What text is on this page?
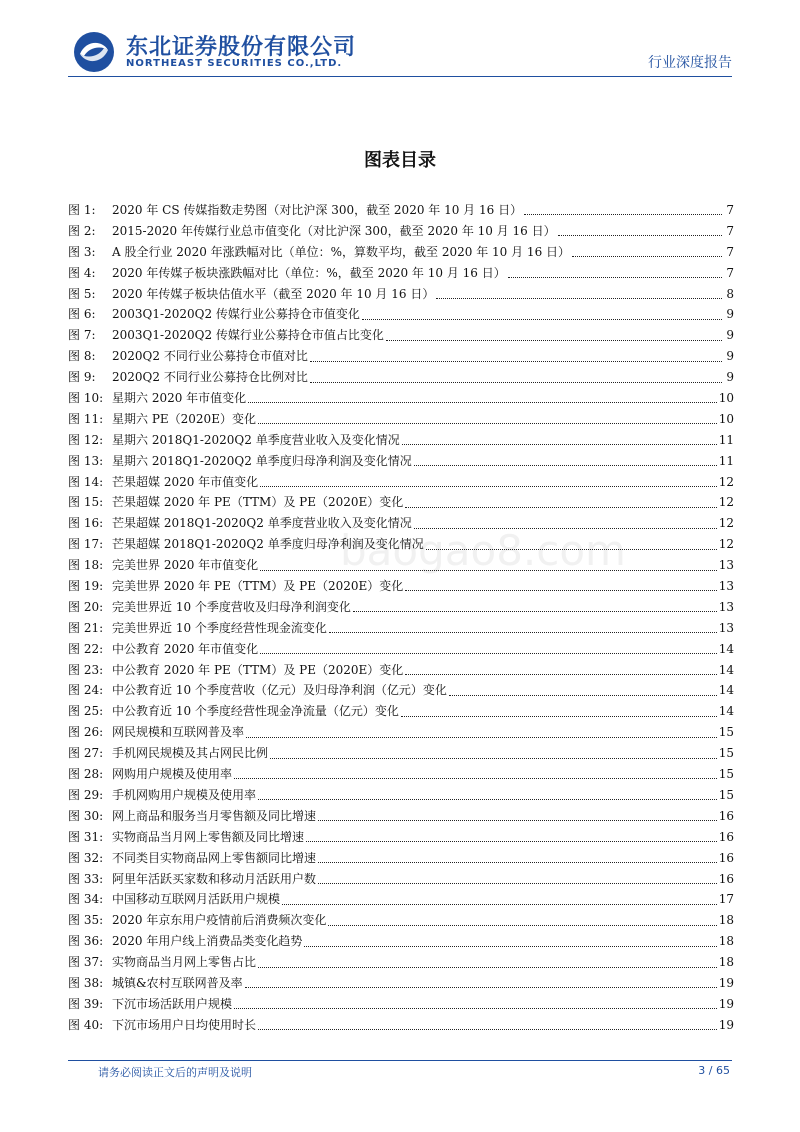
东北证券股份有限公司
NORTHEAST SECURITIES CO.,LTD.	行业深度报告
图表目录
baogao8.com
图 1:	2020 年 CS 传媒指数走势图（对比沪深 300，截至 2020 年 10 月 16 日）	7
图 2:	2015-2020 年传媒行业总市值变化（对比沪深 300，截至 2020 年 10 月 16 日）	7
图 3:	A 股全行业 2020 年涨跌幅对比（单位：%，算数平均，截至 2020 年 10 月 16 日）	7
图 4:	2020 年传媒子板块涨跌幅对比（单位：%，截至 2020 年 10 月 16 日）	7
图 5:	2020 年传媒子板块估值水平（截至 2020 年 10 月 16 日）	8
图 6:	2003Q1-2020Q2 传媒行业公募持仓市值变化	9
图 7:	2003Q1-2020Q2 传媒行业公募持仓市值占比变化	9
图 8:	2020Q2 不同行业公募持仓市值对比	9
图 9:	2020Q2 不同行业公募持仓比例对比	9
图 10: 星期六 2020 年市值变化	10
图 11: 星期六 PE（2020E）变化	10
图 12: 星期六 2018Q1-2020Q2 单季度营业收入及变化情况	11
图 13: 星期六 2018Q1-2020Q2 单季度归母净利润及变化情况	11
图 14: 芒果超媒 2020 年市值变化	12
图 15: 芒果超媒 2020 年 PE（TTM）及 PE（2020E）变化	12
图 16: 芒果超媒 2018Q1-2020Q2 单季度营业收入及变化情况	12
图 17: 芒果超媒 2018Q1-2020Q2 单季度归母净利润及变化情况	12
图 18: 完美世界 2020 年市值变化	13
图 19: 完美世界 2020 年 PE（TTM）及 PE（2020E）变化	13
图 20: 完美世界近 10 个季度营收及归母净利润变化	13
图 21: 完美世界近 10 个季度经营性现金流变化	13
图 22: 中公教育 2020 年市值变化	14
图 23: 中公教育 2020 年 PE（TTM）及 PE（2020E）变化	14
图 24: 中公教育近 10 个季度营收（亿元）及归母净利润（亿元）变化	14
图 25: 中公教育近 10 个季度经营性现金净流量（亿元）变化	14
图 26: 网民规模和互联网普及率	15
图 27: 手机网民规模及其占网民比例	15
图 28: 网购用户规模及使用率	15
图 29: 手机网购用户规模及使用率	15
图 30: 网上商品和服务当月零售额及同比增速	16
图 31: 实物商品当月网上零售额及同比增速	16
图 32: 不同类目实物商品网上零售额同比增速	16
图 33: 阿里年活跃买家数和移动月活跃用户数	16
图 34: 中国移动互联网月活跃用户规模	17
图 35: 2020 年京东用户疫情前后消费频次变化	18
图 36: 2020 年用户线上消费品类变化趋势	18
图 37: 实物商品当月网上零售占比	18
图 38: 城镇&农村互联网普及率	19
图 39: 下沉市场活跃用户规模	19
图 40: 下沉市场用户日均使用时长	19
请务必阅读正文后的声明及说明	3 / 65
